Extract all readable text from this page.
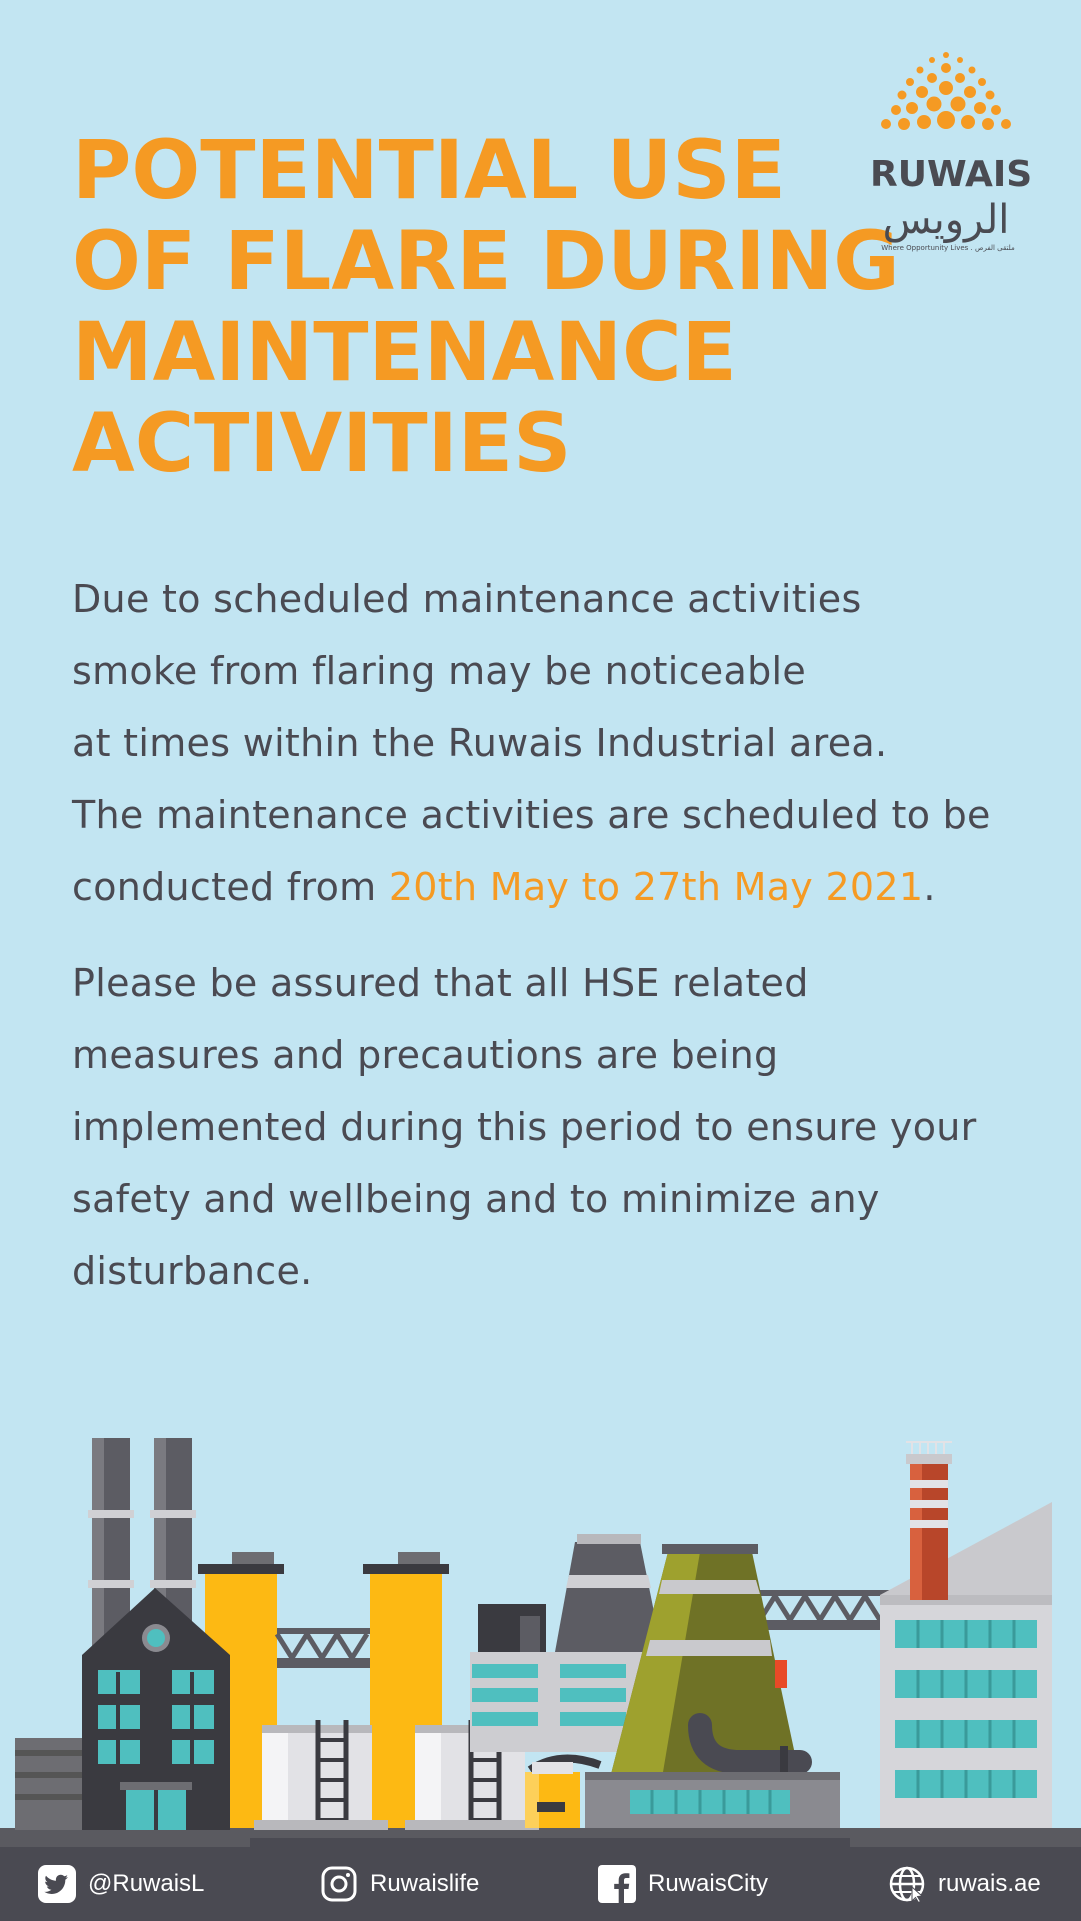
POTENTIAL USE
OF FLARE DURING
MAINTENANCE
ACTIVITIES
RUWAIS
الرويس
Where Opportunity Lives . ملتقى الفرص
Due to scheduled maintenance activities
smoke from flaring may be noticeable
at times within the Ruwais Industrial area.
The maintenance activities are scheduled to be
conducted from 20th May to 27th May 2021.
Please be assured that all HSE related
measures and precautions are being
implemented during this period to ensure your
safety and wellbeing and to minimize any
disturbance.
@RuwaisL	Ruwaislife	RuwaisCity	ruwais.ae
